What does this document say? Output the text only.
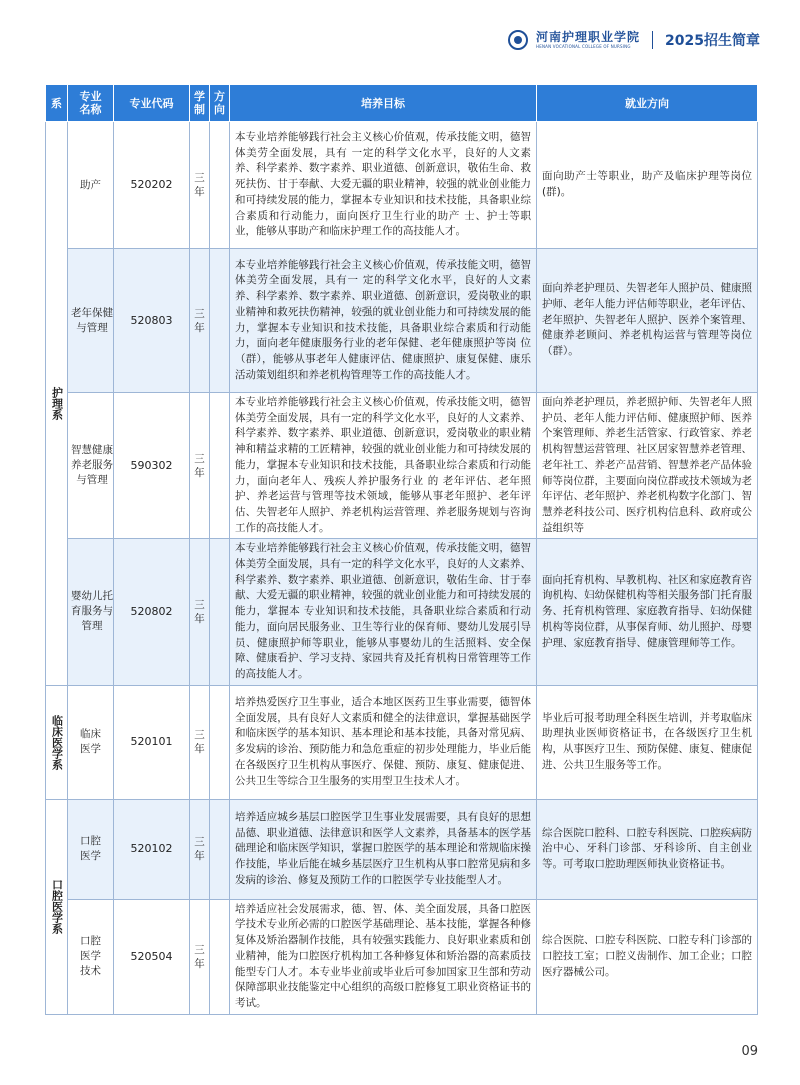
河南护理职业学院
HENAN VOCATIONAL COLLEGE OF NURSING	2025招生简章
系	专业名称	专业代码	学制	方向	培养目标	就业方向

护理系	助产	520202	三年		本专业培养能够践行社会主义核心价值观，传承技能文明，德智体美劳全面发展，具有 一定的科学文化水平，良好的人文素养、科学素养、数字素养、职业道德、创新意识，敬佑生命、救死扶伤、甘于奉献、大爱无疆的职业精神，较强的就业创业能力和可持续发展的能力，掌握本专业知识和技术技能，具备职业综合素质和行动能力，面向医疗卫生行业的助产 士、护士等职业，能够从事助产和临床护理工作的高技能人才。	面向助产士等职业，助产及临床护理等岗位(群)。

	老年保健与管理	520803	三年		本专业培养能够践行社会主义核心价值观，传承技能文明，德智体美劳全面发展，具有一 定的科学文化水平，良好的人文素养、科学素养、数字素养、职业道德、创新意识，爱岗敬业的职业精神和救死扶伤精神，较强的就业创业能力和可持续发展的能力，掌握本专业知识和技术技能，具备职业综合素质和行动能力，面向老年健康服务行业的老年保健、老年健康照护等岗 位（群），能够从事老年人健康评估、健康照护、康复保健、康乐活动策划组织和养老机构管理等工作的高技能人才。	面向养老护理员、失智老年人照护员、健康照护师、老年人能力评估师等职业，老年评估、老年照护、失智老年人照护、医养个案管理、健康养老顾问、养老机构运营与管理等岗位（群）。

	智慧健康养老服务与管理	590302	三年		本专业培养能够践行社会主义核心价值观，传承技能文明，德智体美劳全面发展，具有一定的科学文化水平，良好的人文素养、科学素养、数字素养、职业道德、创新意识，爱岗敬业的职业精神和精益求精的工匠精神，较强的就业创业能力和可持续发展的能力，掌握本专业知识和技术技能，具备职业综合素质和行动能力，面向老年人、残疾人养护服务行业 的 老年评估、老年照护、养老运营与管理等技术领域，能够从事老年照护、老年评估、失智老年人照护、养老机构运营管理、养老服务规划与咨询工作的高技能人才。	面向养老护理员，养老照护师、失智老年人照护员、老年人能力评估师、健康照护师、医养个案管理师、养老生活管家、行政管家、养老机构智慧运营管理、社区居家智慧养老管理、老年社工、养老产品营销、智慧养老产品体验师等岗位群，主要面向岗位群或技术领域为老年评估、老年照护、养老机构数字化部门、智慧养老科技公司、医疗机构信息科、政府或公益组织等

	婴幼儿托育服务与管理	520802	三年		本专业培养能够践行社会主义核心价值观，传承技能文明，德智体美劳全面发展，具有一定的科学文化水平，良好的人文素养、科学素养、数字素养、职业道德、创新意识，敬佑生命、甘于奉献、大爱无疆的职业精神，较强的就业创业能力和可持续发展的能力，掌握本 专业知识和技术技能，具备职业综合素质和行动能力，面向居民服务业、卫生等行业的保育师、婴幼儿发展引导员、健康照护师等职业，能够从事婴幼儿的生活照料、安全保障、健康看护、学习支持、家园共育及托育机构日常管理等工作的高技能人才。	面向托育机构、早教机构、社区和家庭教育咨询机构、妇幼保健机构等相关服务部门托育服务、托育机构管理、家庭教育指导、妇幼保健机构等岗位群，从事保育师、幼儿照护、母婴护理、家庭教育指导、健康管理师等工作。

临床医学系	临床医学	520101	三年		培养热爱医疗卫生事业，适合本地区医药卫生事业需要，德智体全面发展，具有良好人文素质和健全的法律意识，掌握基础医学和临床医学的基本知识、基本理论和基本技能，具备对常见病、多发病的诊治、预防能力和急危重症的初步处理能力，毕业后能在各级医疗卫生机构从事医疗、保健、预防、康复、健康促进、公共卫生等综合卫生服务的实用型卫生技术人才。	毕业后可报考助理全科医生培训，并考取临床助理执业医师资格证书，在各级医疗卫生机构，从事医疗卫生、预防保健、康复、健康促进、公共卫生服务等工作。

口腔医学系	口腔医学	520102	三年		培养适应城乡基层口腔医学卫生事业发展需要，具有良好的思想品德、职业道德、法律意识和医学人文素养，具备基本的医学基础理论和临床医学知识，掌握口腔医学的基本理论和常规临床操作技能，毕业后能在城乡基层医疗卫生机构从事口腔常见病和多发病的诊治、修复及预防工作的口腔医学专业技能型人才。	综合医院口腔科、口腔专科医院、口腔疾病防治中心、牙科门诊部、牙科诊所、自主创业等。可考取口腔助理医师执业资格证书。

	口腔医学技术	520504	三年		培养适应社会发展需求，德、智、体、美全面发展，具备口腔医学技术专业所必需的口腔医学基础理论、基本技能，掌握各种修复体及矫治器制作技能，具有较强实践能力、良好职业素质和创业精神，能为口腔医疗机构加工各种修复体和矫治器的高素质技能型专门人才。本专业毕业前或毕业后可参加国家卫生部和劳动保障部职业技能鉴定中心组织的高级口腔修复工职业资格证书的考试。	综合医院、口腔专科医院、口腔专科门诊部的口腔技工室；口腔义齿制作、加工企业；口腔医疗器械公司。
09
